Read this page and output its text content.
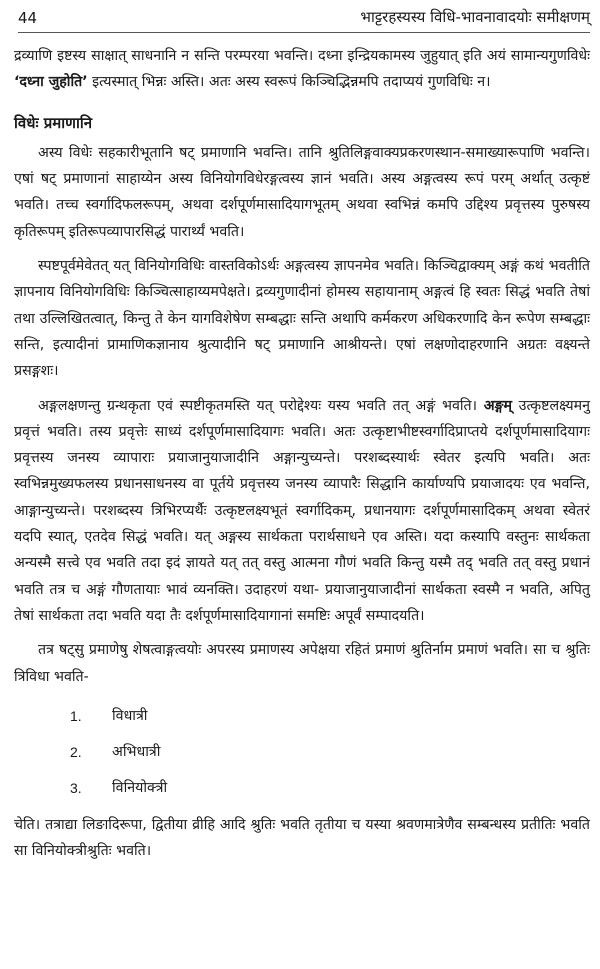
44	भाट्टरहस्यस्य विधि-भावनावादयोः समीक्षणम्

द्रव्याणि इष्टस्य साक्षात् साधनानि न सन्ति परम्परया भवन्ति। दध्ना इन्द्रियकामस्य जुहुयात् इति अयं सामान्यगुणविधेः ‘दध्ना जुहोति’ इत्यस्मात् भिन्नः अस्ति। अतः अस्य स्वरूपं किञ्चिद्भिन्नमपि तदाप्ययं गुणविधिः न।

विधेः प्रमाणानि

अस्य विधेः सहकारीभूतानि षट् प्रमाणानि भवन्ति। तानि श्रुतिलिङ्गवाक्यप्रकरणस्थान-समाख्यारूपाणि भवन्ति। एषां षट् प्रमाणानां साहाय्येन अस्य विनियोगविधेरङ्गत्वस्य ज्ञानं भवति। अस्य अङ्गत्वस्य रूपं परम् अर्थात् उत्कृष्टं भवति। तच्च स्वर्गादिफलरूपम्, अथवा दर्शपूर्णमासादियागभूतम् अथवा स्वभिन्नं कमपि उद्दिश्य प्रवृत्तस्य पुरुषस्य कृतिरूपम् इतिरूपव्यापारसिद्धं पारार्थ्यं भवति।

स्पष्टपूर्वमेवेतत् यत् विनियोगविधिः वास्तविकोऽर्थः अङ्गत्वस्य ज्ञापनमेव भवति। किञ्चिद्वाक्यम् अङ्गं कथं भवतीति ज्ञापनाय विनियोगविधिः किञ्चित्साहाय्यमपेक्षते। द्रव्यगुणादीनां होमस्य सहायानाम् अङ्गत्वं हि स्वतः सिद्धं भवति तेषां तथा उल्लिखितत्वात्, किन्तु ते केन यागविशेषेण सम्बद्धाः सन्ति अथापि कर्मकरण अधिकरणादि केन रूपेण सम्बद्धाः सन्ति, इत्यादीनां प्रामाणिकज्ञानाय श्रुत्यादीनि षट् प्रमाणानि आश्रीयन्ते। एषां लक्षणोदाहरणानि अग्रतः वक्ष्यन्ते प्रसङ्गशः।

अङ्गलक्षणन्तु ग्रन्थकृता एवं स्पष्टीकृतमस्ति यत् परोद्देश्यः यस्य भवति तत् अङ्गं भवति। अङ्गम् उत्कृष्टलक्ष्यमनु प्रवृत्तं भवति। तस्य प्रवृत्तेः साध्यं दर्शपूर्णमासादियागः भवति। अतः उत्कृष्टाभीष्टस्वर्गादिप्राप्तये दर्शपूर्णमासादियागः प्रवृत्तस्य जनस्य व्यापाराः प्रयाजानुयाजादीनि अङ्गान्युच्यन्ते। परशब्दस्यार्थः स्वेतर इत्यपि भवति। अतः स्वभिन्नमुख्यफलस्य प्रधानसाधनस्य वा पूर्तये प्रवृत्तस्य जनस्य व्यापारैः सिद्धानि कार्याण्यपि प्रयाजादयः एव भवन्ति, आङ्गान्युच्यन्ते। परशब्दस्य त्रिभिरप्यर्थैः उत्कृष्टलक्ष्यभूतं स्वर्गादिकम्, प्रधानयागः दर्शपूर्णमासादिकम् अथवा स्वेतरं यदपि स्यात्, एतदेव सिद्धं भवति। यत् अङ्गस्य सार्थकता परार्थसाधने एव अस्ति। यदा कस्यापि वस्तुनः सार्थकता अन्यस्मै सत्त्वे एव भवति तदा इदं ज्ञायते यत् तत् वस्तु आत्मना गौणं भवति किन्तु यस्मै तद् भवति तत् वस्तु प्रधानं भवति तत्र च अङ्गं गौणतायाः भावं व्यनक्ति। उदाहरणं यथा- प्रयाजानुयाजादीनां सार्थकता स्वस्मै न भवति, अपितु तेषां सार्थकता तदा भवति यदा तैः दर्शपूर्णमासादियागानां समष्टिः अपूर्वं सम्पादयति।

तत्र षट्सु प्रमाणेषु शेषत्वाङ्गत्वयोः अपरस्य प्रमाणस्य अपेक्षया रहितं प्रमाणं श्रुतिर्नाम प्रमाणं भवति। सा च श्रुतिः त्रिविधा भवति-

1.	विधात्री
2.	अभिधात्री
3.	विनियोक्त्री

चेति। तत्राद्या लिङादिरूपा, द्वितीया व्रीहि आदि श्रुतिः भवति तृतीया च यस्या श्रवणमात्रेणैव सम्बन्धस्य प्रतीतिः भवति सा विनियोक्त्रीश्रुतिः भवति।
